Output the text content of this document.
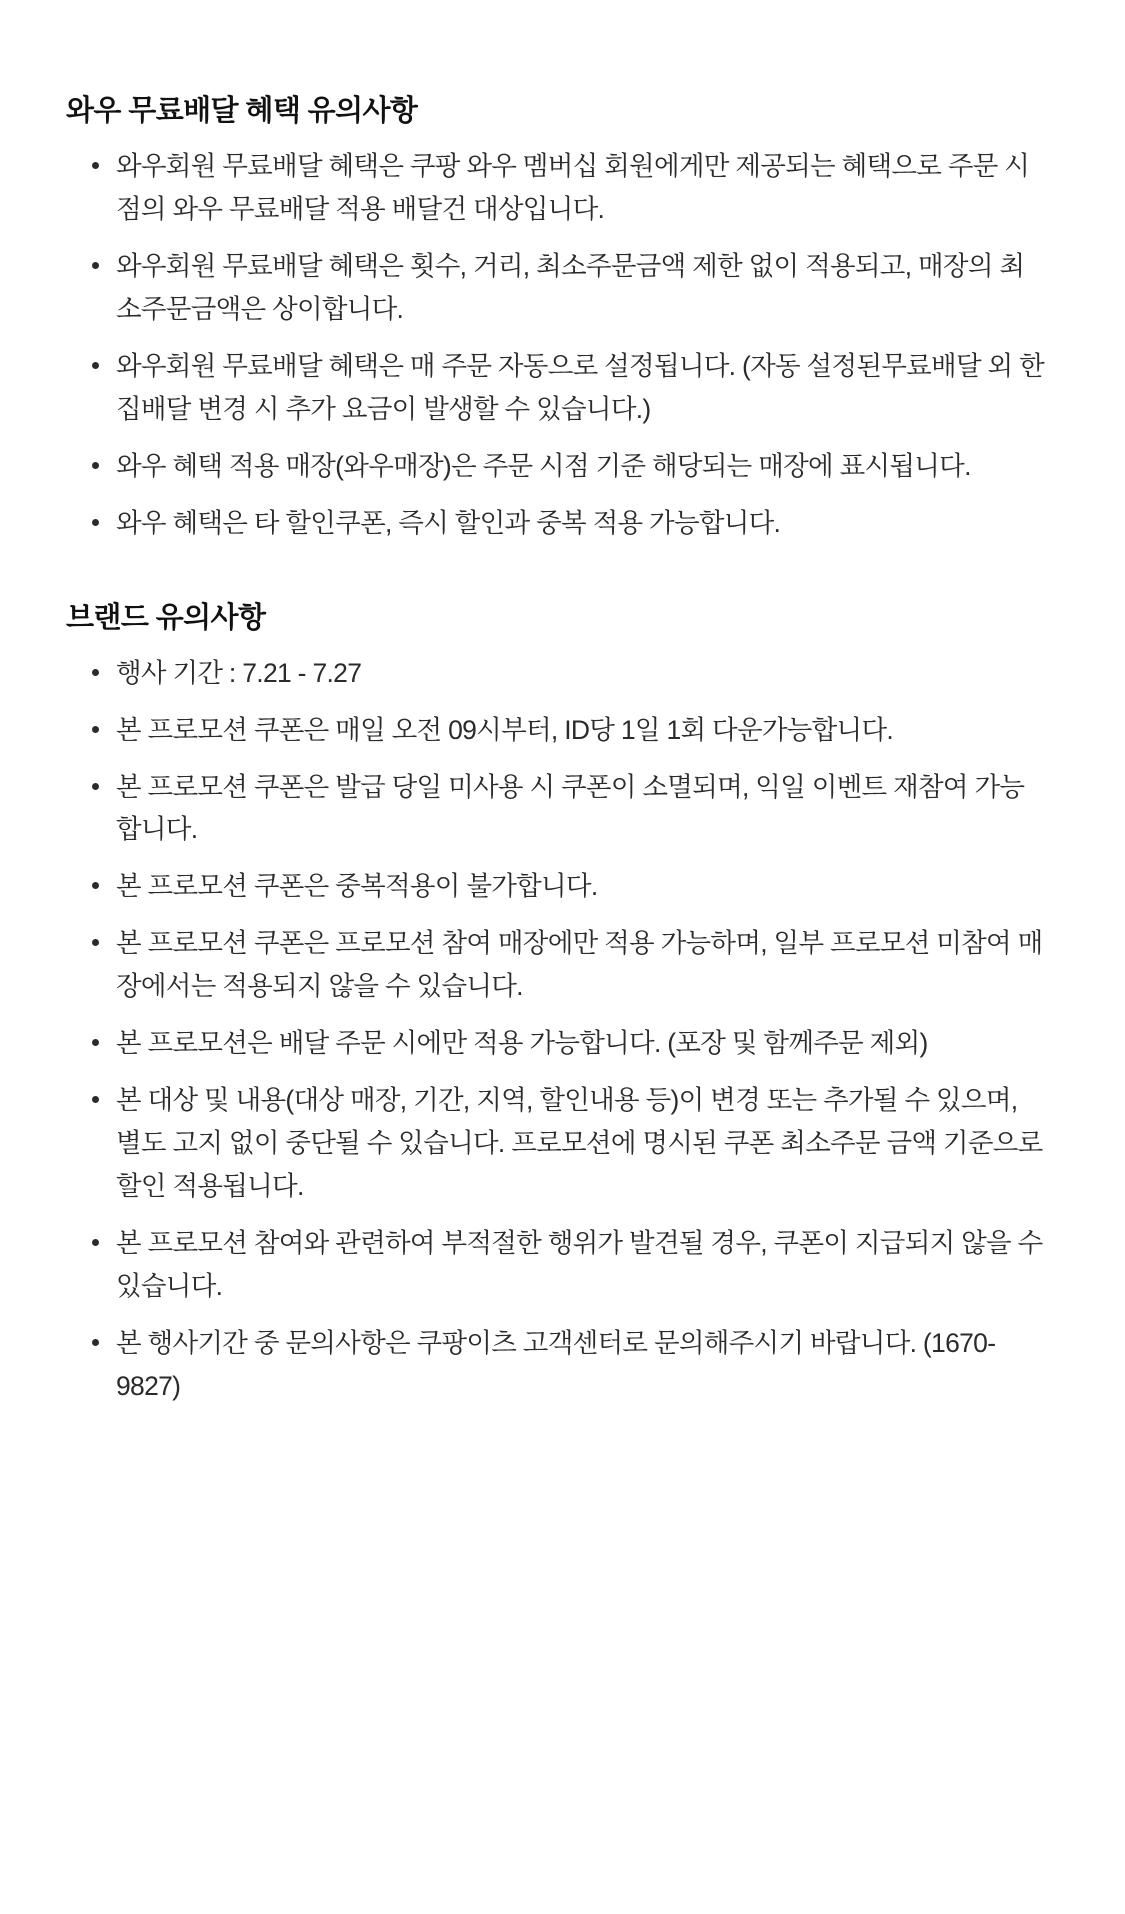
와우 무료배달 혜택 유의사항
와우회원 무료배달 혜택은 쿠팡 와우 멤버십 회원에게만 제공되는 혜택으로 주문 시점의 와우 무료배달 적용 배달건 대상입니다.
와우회원 무료배달 혜택은 횟수, 거리, 최소주문금액 제한 없이 적용되고, 매장의 최소주문금액은 상이합니다.
와우회원 무료배달 혜택은 매 주문 자동으로 설정됩니다. (자동 설정된무료배달 외 한집배달 변경 시 추가 요금이 발생할 수 있습니다.)
와우 혜택 적용 매장(와우매장)은 주문 시점 기준 해당되는 매장에 표시됩니다.
와우 혜택은 타 할인쿠폰, 즉시 할인과 중복 적용 가능합니다.
브랜드 유의사항
행사 기간 : 7.21 - 7.27
본 프로모션 쿠폰은 매일 오전 09시부터, ID당 1일 1회 다운가능합니다.
본 프로모션 쿠폰은 발급 당일 미사용 시 쿠폰이 소멸되며, 익일 이벤트 재참여 가능합니다.
본 프로모션 쿠폰은 중복적용이 불가합니다.
본 프로모션 쿠폰은 프로모션 참여 매장에만 적용 가능하며, 일부 프로모션 미참여 매장에서는 적용되지 않을 수 있습니다.
본 프로모션은 배달 주문 시에만 적용 가능합니다. (포장 및 함께주문 제외)
본 대상 및 내용(대상 매장, 기간, 지역, 할인내용 등)이 변경 또는 추가될 수 있으며, 별도 고지 없이 중단될 수 있습니다. 프로모션에 명시된 쿠폰 최소주문 금액 기준으로 할인 적용됩니다.
본 프로모션 참여와 관련하여 부적절한 행위가 발견될 경우, 쿠폰이 지급되지 않을 수 있습니다.
본 행사기간 중 문의사항은 쿠팡이츠 고객센터로 문의해주시기 바랍니다. (1670-9827)
